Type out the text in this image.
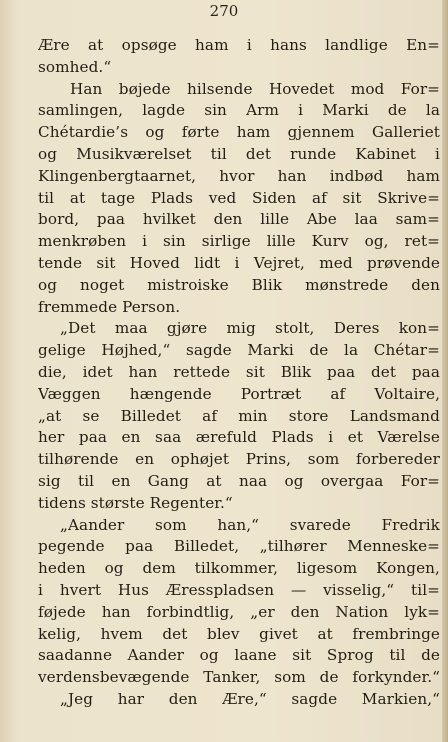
270
Ære at opsøge ham i hans landlige En=
somhed.“
Han bøjede hilsende Hovedet mod For=
samlingen, lagde sin Arm i Marki de la
Chétardie’s og førte ham gjennem Galleriet
og Musikværelset til det runde Kabinet i
Klingenbergtaarnet, hvor han indbød ham
til at tage Plads ved Siden af sit Skrive=
bord, paa hvilket den lille Abe laa sam=
menkrøben i sin sirlige lille Kurv og, ret=
tende sit Hoved lidt i Vejret, med prøvende
og noget mistroiske Blik mønstrede den
fremmede Person.
„Det maa gjøre mig stolt, Deres kon=
gelige Højhed,“ sagde Marki de la Chétar=
die, idet han rettede sit Blik paa det paa
Væggen hængende Portræt af Voltaire,
„at se Billedet af min store Landsmand
her paa en saa ærefuld Plads i et Værelse
tilhørende en ophøjet Prins, som forbereder
sig til en Gang at naa og overgaa For=
tidens største Regenter.“
„Aander som han,“ svarede Fredrik
pegende paa Billedet, „tilhører Menneske=
heden og dem tilkommer, ligesom Kongen,
i hvert Hus Æresspladsen — visselig,“ til=
føjede han forbindtlig, „er den Nation lyk=
kelig, hvem det blev givet at frembringe
saadanne Aander og laane sit Sprog til de
verdensbevægende Tanker, som de forkynder.“
„Jeg har den Ære,“ sagde Markien,“
